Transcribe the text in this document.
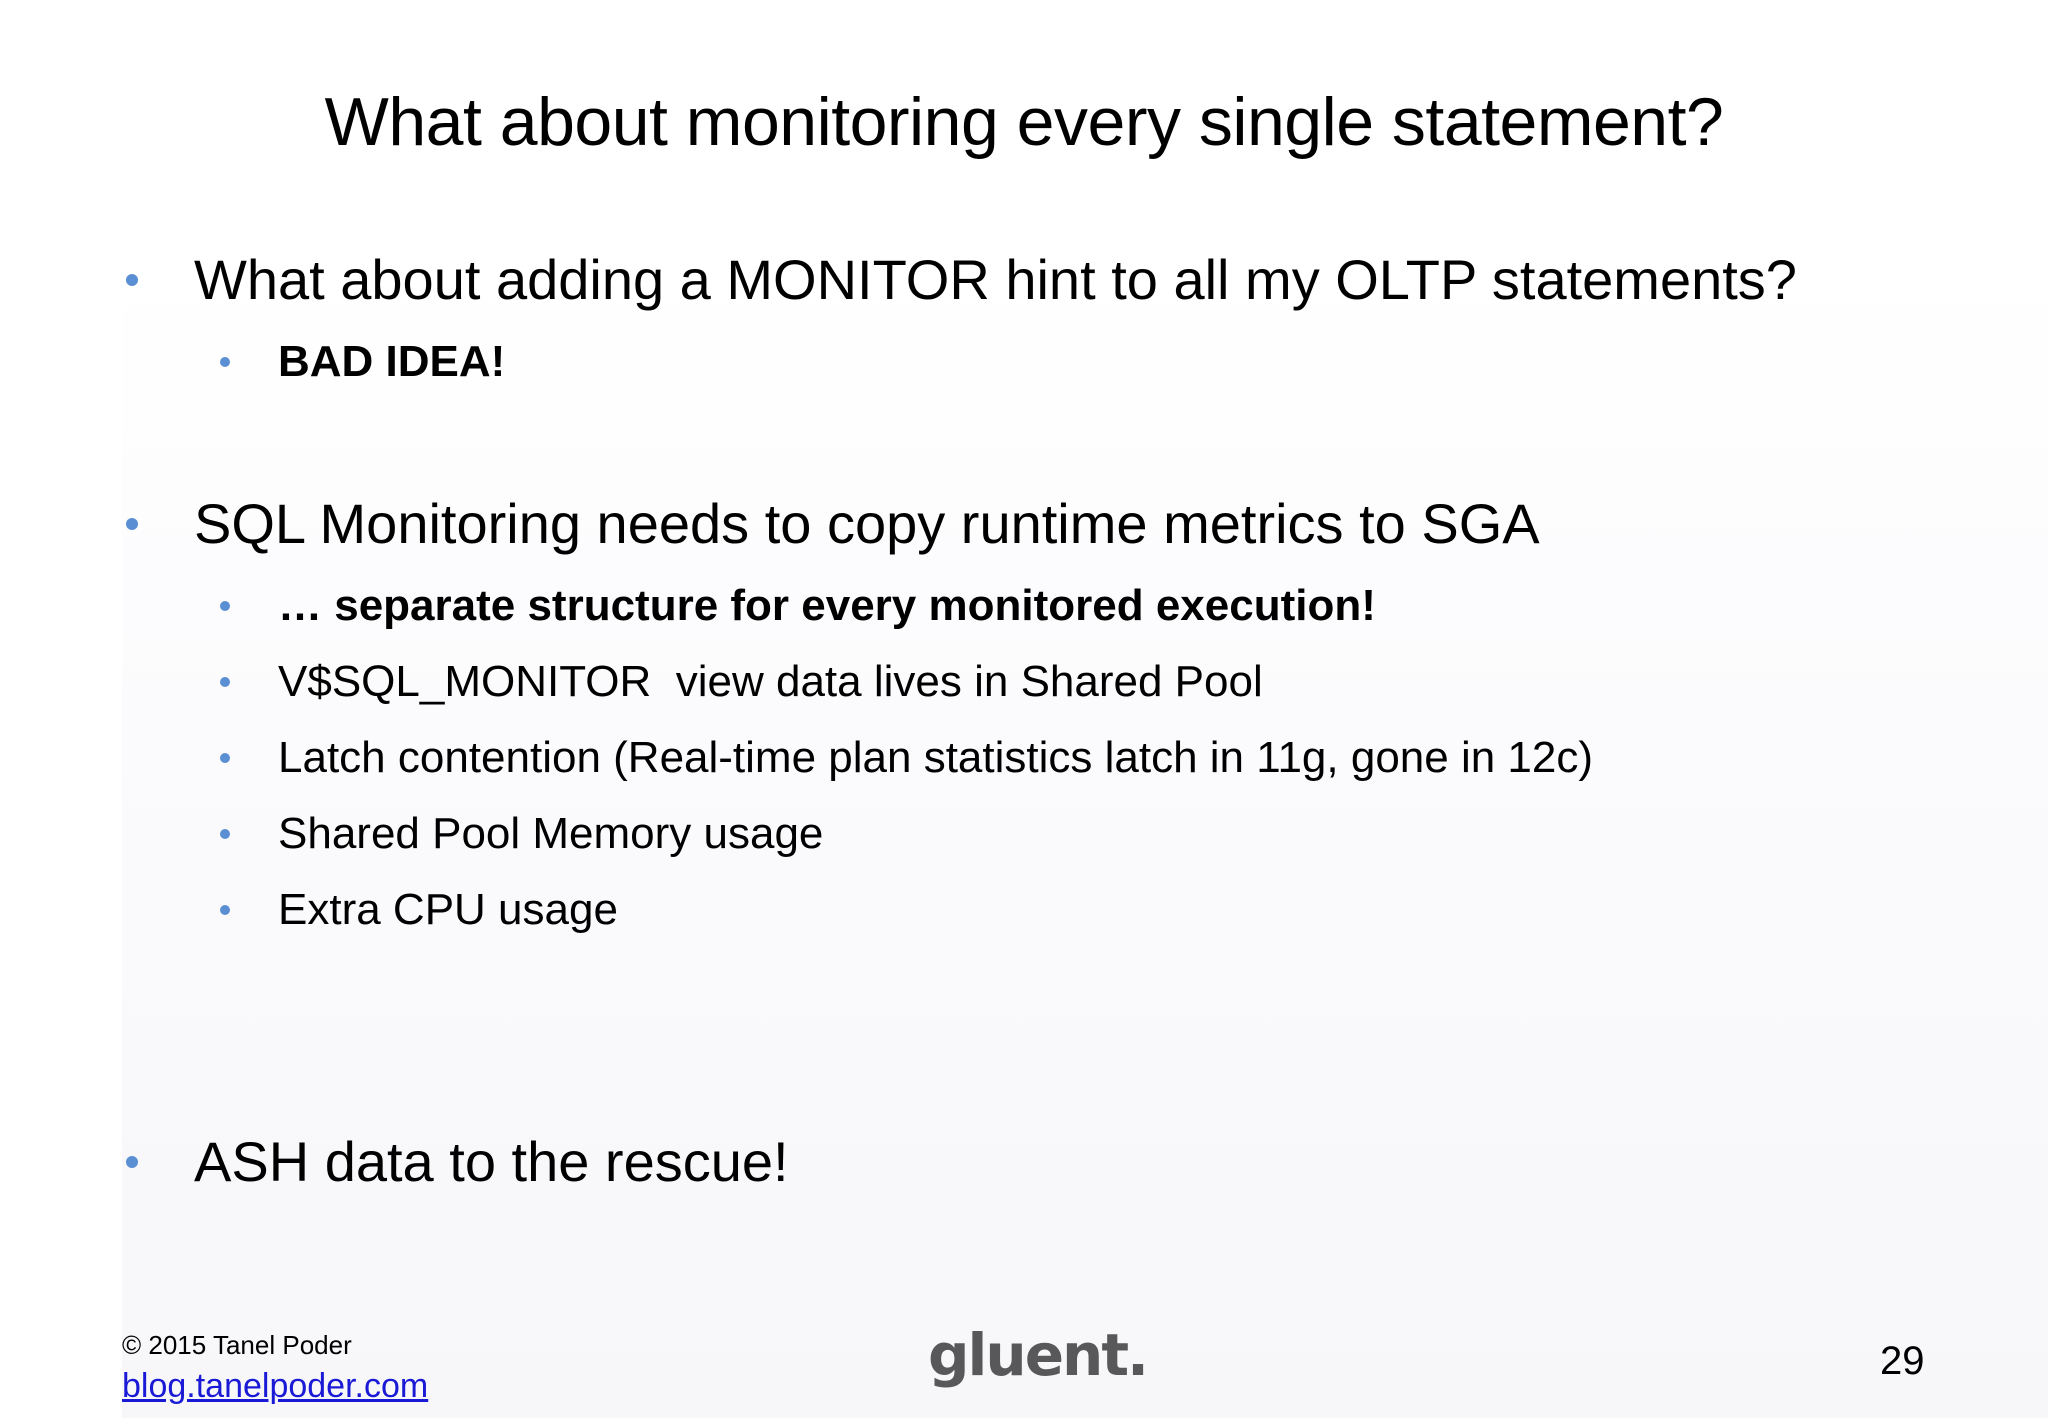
What about monitoring every single statement?
What about adding a MONITOR hint to all my OLTP statements?
BAD IDEA!
SQL Monitoring needs to copy runtime metrics to SGA
… separate structure for every monitored execution!
V$SQL_MONITOR  view data lives in Shared Pool
Latch contention (Real-time plan statistics latch in 11g, gone in 12c)
Shared Pool Memory usage
Extra CPU usage
ASH data to the rescue!
© 2015 Tanel Poder
blog.tanelpoder.com	gluent.	29
